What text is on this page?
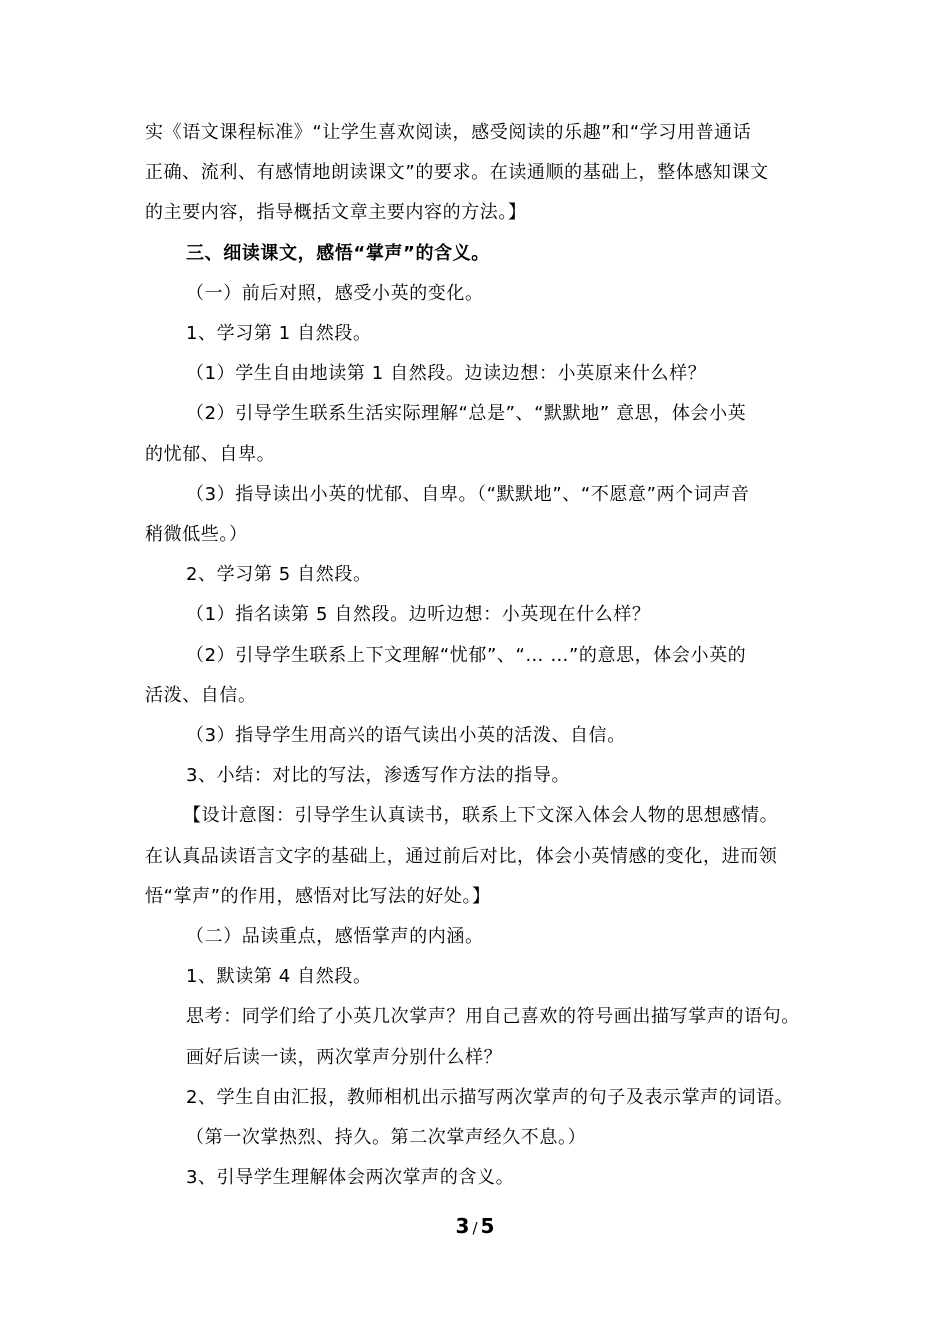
实《语文课程标准》“让学生喜欢阅读，感受阅读的乐趣”和“学习用普通话
正确、流利、有感情地朗读课文”的要求。在读通顺的基础上，整体感知课文
的主要内容，指导概括文章主要内容的方法。】
三、细读课文，感悟“掌声”的含义。
（一）前后对照，感受小英的变化。
1、学习第 1 自然段。
（1）学生自由地读第 1 自然段。边读边想：小英原来什么样？
（2）引导学生联系生活实际理解“总是”、“默默地” 意思，体会小英
的忧郁、自卑。
（3）指导读出小英的忧郁、自卑。（“默默地”、“不愿意”两个词声音
稍微低些。）
2、学习第 5 自然段。
（1）指名读第 5 自然段。边听边想：小英现在什么样？
（2）引导学生联系上下文理解“忧郁”、“… …”的意思，体会小英的
活泼、自信。
（3）指导学生用高兴的语气读出小英的活泼、自信。
3、小结：对比的写法，渗透写作方法的指导。
【设计意图：引导学生认真读书，联系上下文深入体会人物的思想感情。
在认真品读语言文字的基础上，通过前后对比，体会小英情感的变化，进而领
悟“掌声”的作用，感悟对比写法的好处。】
（二）品读重点，感悟掌声的内涵。
1、默读第 4 自然段。
思考：同学们给了小英几次掌声？用自己喜欢的符号画出描写掌声的语句。
画好后读一读，两次掌声分别什么样？
2、学生自由汇报，教师相机出示描写两次掌声的句子及表示掌声的词语。
（第一次掌热烈、持久。第二次掌声经久不息。）
3 / 5
3、引导学生理解体会两次掌声的含义。
